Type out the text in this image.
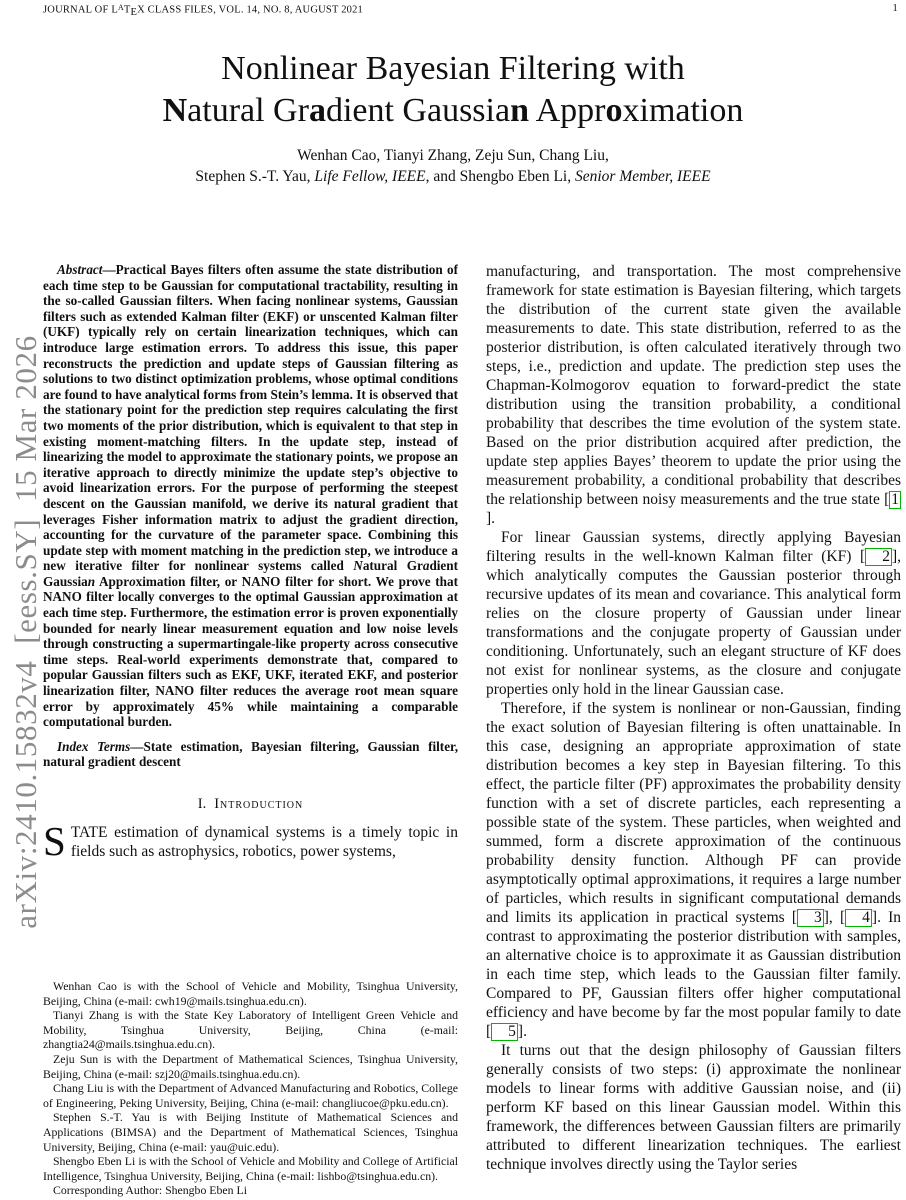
JOURNAL OF $L^ATEX$ CLASS FILES, VOL. 14, NO. 8, AUGUST 2021	1
arXiv:2410.15832v4  [eess.SY]  15 Mar 2026
Nonlinear Bayesian Filtering with
Natural Gradient Gaussian Approximation
Wenhan Cao, Tianyi Zhang, Zeju Sun, Chang Liu,
Stephen S.-T. Yau, Life Fellow, IEEE, and Shengbo Eben Li, Senior Member, IEEE

Abstract—Practical Bayes filters often assume the state distribution of each time step to be Gaussian for computational tractability, resulting in the so-called Gaussian filters. When facing nonlinear systems, Gaussian filters such as extended Kalman filter (EKF) or unscented Kalman filter (UKF) typically rely on certain linearization techniques, which can introduce large estimation errors. To address this issue, this paper reconstructs the prediction and update steps of Gaussian filtering as solutions to two distinct optimization problems, whose optimal conditions are found to have analytical forms from Stein’s lemma. It is observed that the stationary point for the prediction step requires calculating the first two moments of the prior distribution, which is equivalent to that step in existing moment-matching filters. In the update step, instead of linearizing the model to approximate the stationary points, we propose an iterative approach to directly minimize the update step’s objective to avoid linearization errors. For the purpose of performing the steepest descent on the Gaussian manifold, we derive its natural gradient that leverages Fisher information matrix to adjust the gradient direction, accounting for the curvature of the parameter space. Combining this update step with moment matching in the prediction step, we introduce a new iterative filter for nonlinear systems called Natural Gradient Gaussian Approximation filter, or NANO filter for short. We prove that NANO filter locally converges to the optimal Gaussian approximation at each time step. Furthermore, the estimation error is proven exponentially bounded for nearly linear measurement equation and low noise levels through constructing a supermartingale-like property across consecutive time steps. Real-world experiments demonstrate that, compared to popular Gaussian filters such as EKF, UKF, iterated EKF, and posterior linearization filter, NANO filter reduces the average root mean square error by approximately 45% while maintaining a comparable computational burden.

Index Terms—State estimation, Bayesian filtering, Gaussian filter, natural gradient descent

I. Introduction

STATE estimation of dynamical systems is a timely topic in fields such as astrophysics, robotics, power systems,

Wenhan Cao is with the School of Vehicle and Mobility, Tsinghua University, Beijing, China (e-mail: cwh19@mails.tsinghua.edu.cn).

Tianyi Zhang is with the State Key Laboratory of Intelligent Green Vehicle and Mobility, Tsinghua University, Beijing, China (e-mail: zhangtia24@mails.tsinghua.edu.cn).

Zeju Sun is with the Department of Mathematical Sciences, Tsinghua University, Beijing, China (e-mail: szj20@mails.tsinghua.edu.cn).

Chang Liu is with the Department of Advanced Manufacturing and Robotics, College of Engineering, Peking University, Beijing, China (e-mail: changliucoe@pku.edu.cn).

Stephen S.-T. Yau is with Beijing Institute of Mathematical Sciences and Applications (BIMSA) and the Department of Mathematical Sciences, Tsinghua University, Beijing, China (e-mail: yau@uic.edu).

Shengbo Eben Li is with the School of Vehicle and Mobility and College of Artificial Intelligence, Tsinghua University, Beijing, China (e-mail: lishbo@tsinghua.edu.cn).

Corresponding Author: Shengbo Eben Li

manufacturing, and transportation. The most comprehensive framework for state estimation is Bayesian filtering, which targets the distribution of the current state given the available measurements to date. This state distribution, referred to as the posterior distribution, is often calculated iteratively through two steps, i.e., prediction and update. The prediction step uses the Chapman-Kolmogorov equation to forward-predict the state distribution using the transition probability, a conditional probability that describes the time evolution of the system state. Based on the prior distribution acquired after prediction, the update step applies Bayes’ theorem to update the prior using the measurement probability, a conditional probability that describes the relationship between noisy measurements and the true state [ 1].

For linear Gaussian systems, directly applying Bayesian filtering results in the well-known Kalman filter (KF) [ 2 ], which analytically computes the Gaussian posterior through recursive updates of its mean and covariance. This analytical form relies on the closure property of Gaussian under linear transformations and the conjugate property of Gaussian under conditioning. Unfortunately, such an elegant structure of KF does not exist for nonlinear systems, as the closure and conjugate properties only hold in the linear Gaussian case.

Therefore, if the system is nonlinear or non-Gaussian, finding the exact solution of Bayesian filtering is often unattainable. In this case, designing an appropriate approximation of state distribution becomes a key step in Bayesian filtering. To this effect, the particle filter (PF) approximates the probability density function with a set of discrete particles, each representing a possible state of the system. These particles, when weighted and summed, form a discrete approximation of the continuous probability density function. Although PF can provide asymptotically optimal approximations, it requires a large number of particles, which results in significant computational demands and limits its application in practical systems [ 3 ], [ 4 ]. In contrast to approximating the posterior distribution with samples, an alternative choice is to approximate it as Gaussian distribution in each time step, which leads to the Gaussian filter family. Compared to PF, Gaussian filters offer higher computational efficiency and have become by far the most popular family to date [ 5 ].

It turns out that the design philosophy of Gaussian filters generally consists of two steps: (i) approximate the nonlinear models to linear forms with additive Gaussian noise, and (ii) perform KF based on this linear Gaussian model. Within this framework, the differences between Gaussian filters are primarily attributed to different linearization techniques. The earliest technique involves directly using the Taylor series
